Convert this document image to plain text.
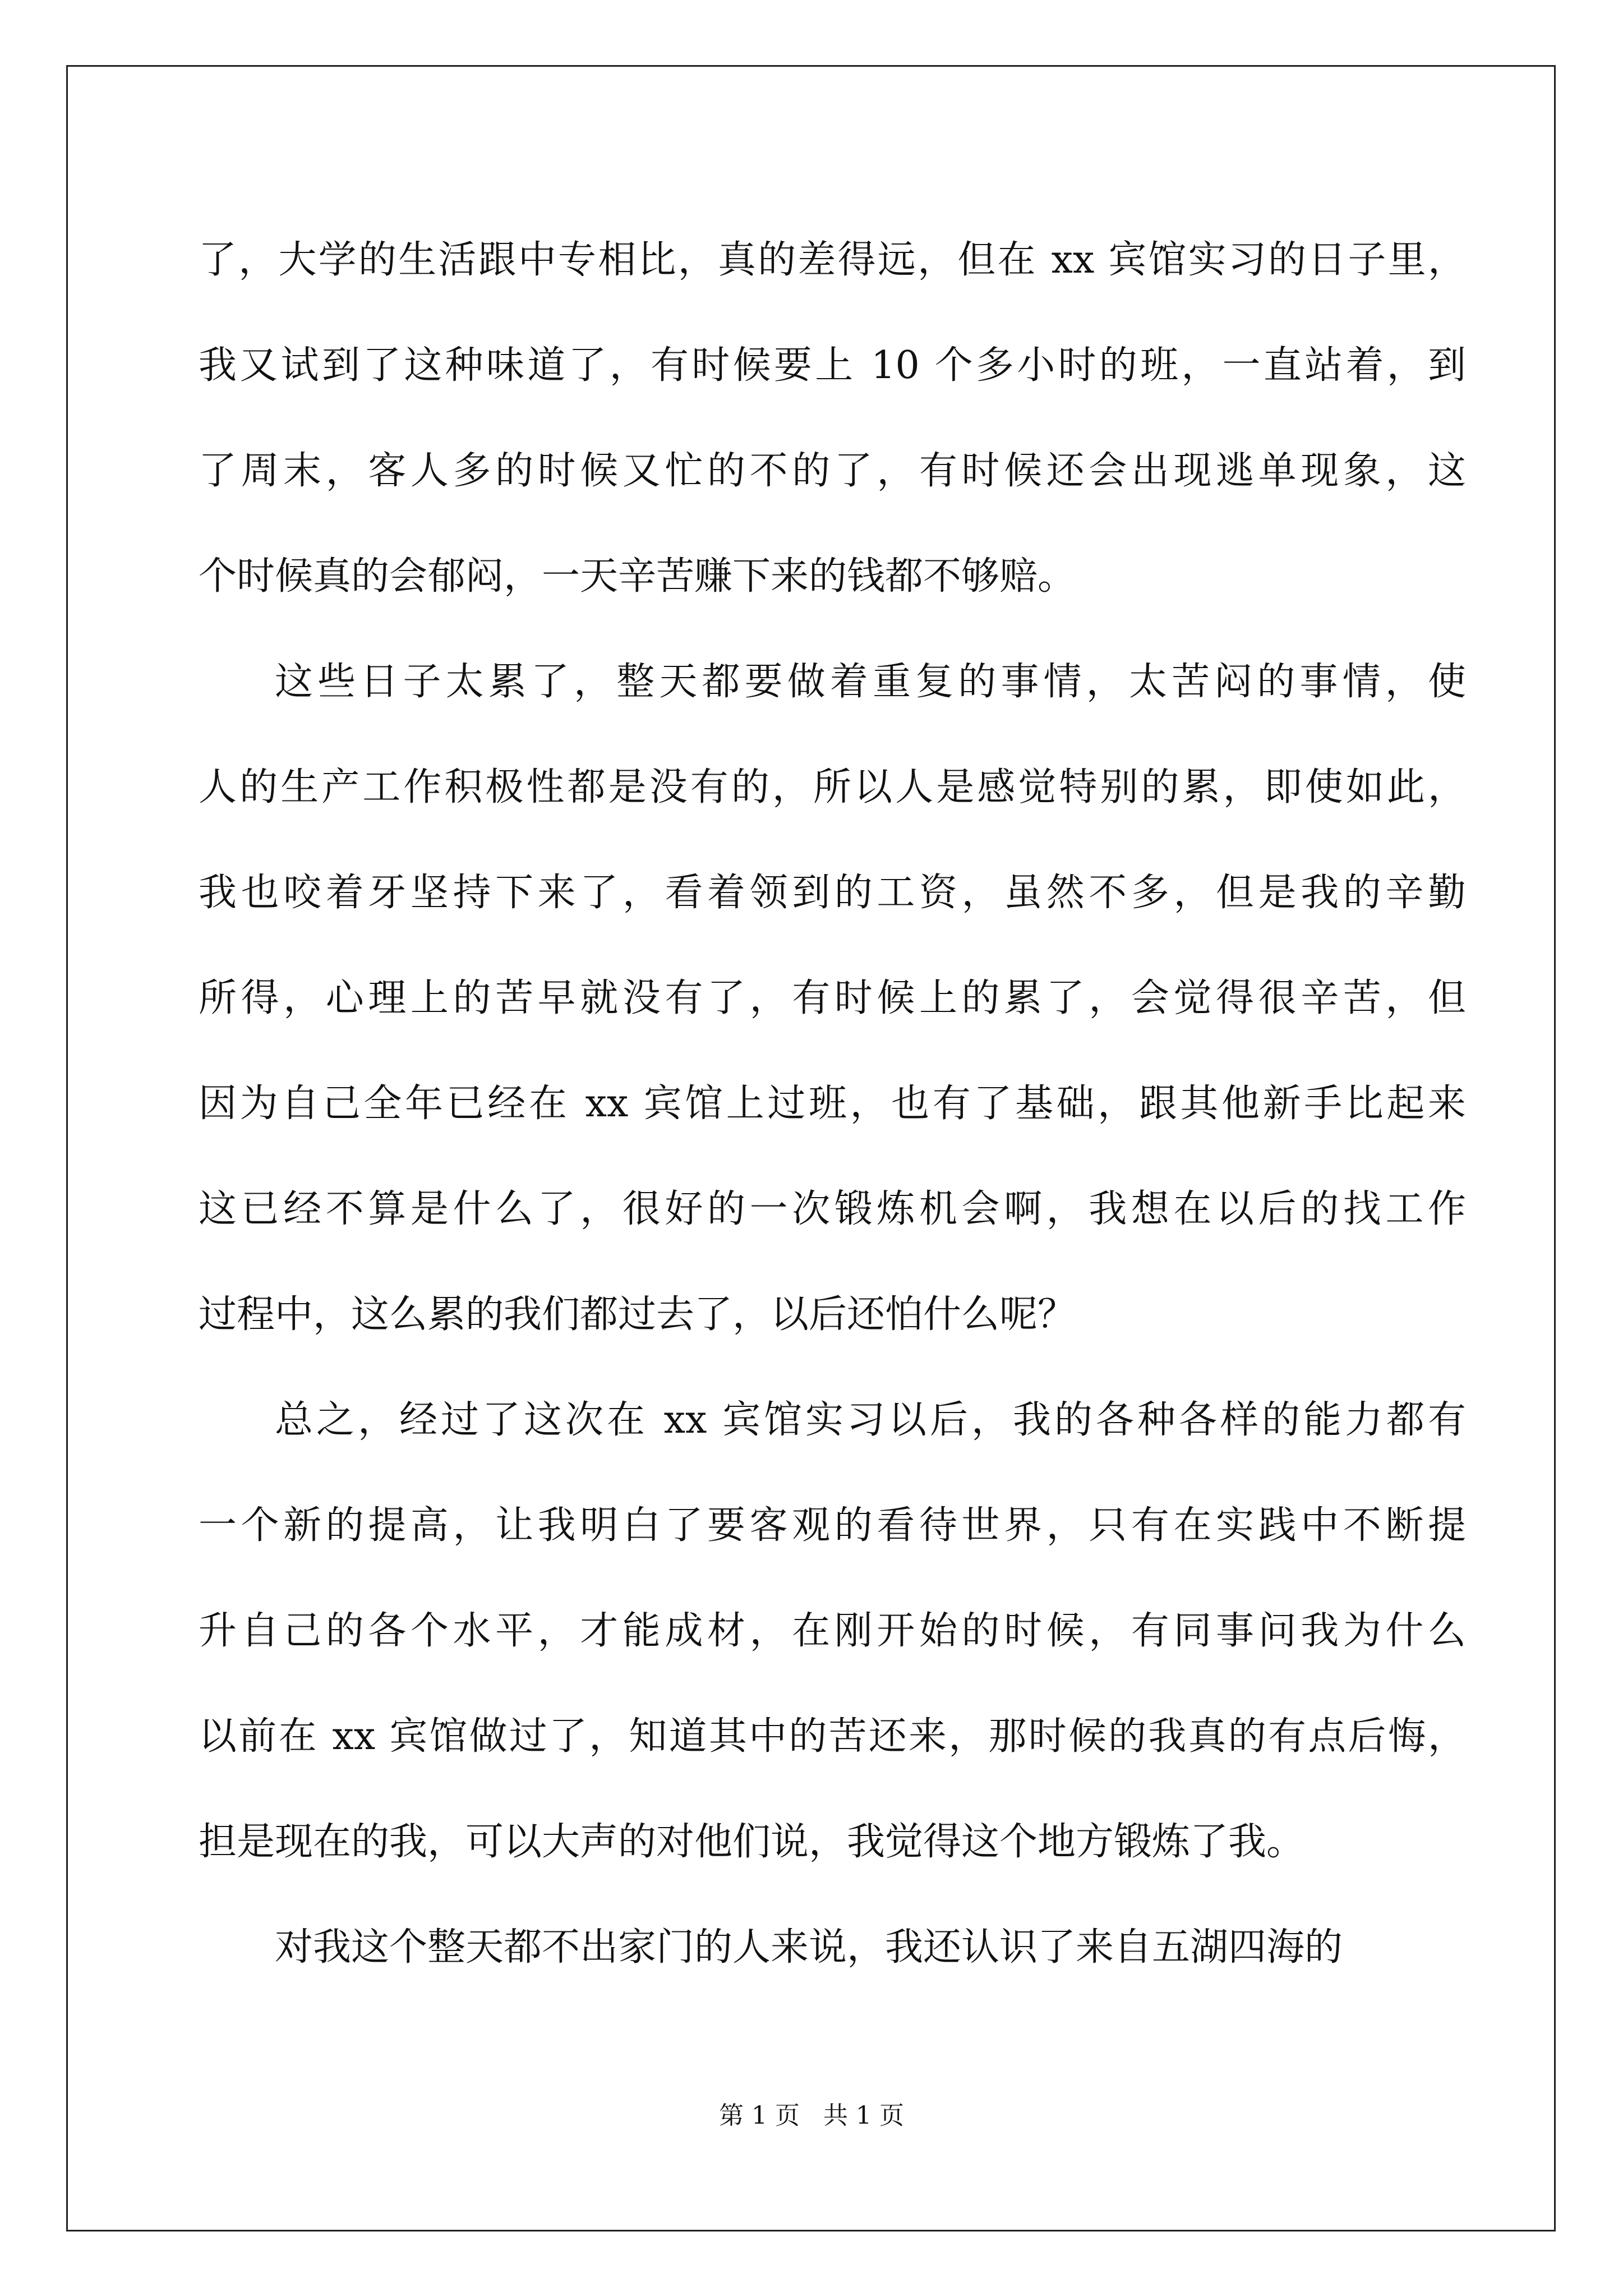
了，大学的生活跟中专相比，真的差得远，但在 xx 宾馆实习的日子里，
我又试到了这种味道了，有时候要上 10 个多小时的班，一直站着，到
了周末，客人多的时候又忙的不的了，有时候还会出现逃单现象，这
个时候真的会郁闷，一天辛苦赚下来的钱都不够赔。
这些日子太累了，整天都要做着重复的事情，太苦闷的事情，使
人的生产工作积极性都是没有的，所以人是感觉特别的累，即使如此，
我也咬着牙坚持下来了，看着领到的工资，虽然不多，但是我的辛勤
所得，心理上的苦早就没有了，有时候上的累了，会觉得很辛苦，但
因为自己全年已经在 xx 宾馆上过班，也有了基础，跟其他新手比起来
这已经不算是什么了，很好的一次锻炼机会啊，我想在以后的找工作
过程中，这么累的我们都过去了，以后还怕什么呢？
总之，经过了这次在 xx 宾馆实习以后，我的各种各样的能力都有
一个新的提高，让我明白了要客观的看待世界，只有在实践中不断提
升自己的各个水平，才能成材，在刚开始的时候，有同事问我为什么
以前在 xx 宾馆做过了，知道其中的苦还来，那时候的我真的有点后悔，
担是现在的我，可以大声的对他们说，我觉得这个地方锻炼了我。
对我这个整天都不出家门的人来说，我还认识了来自五湖四海的
第 1 页 共 1 页
